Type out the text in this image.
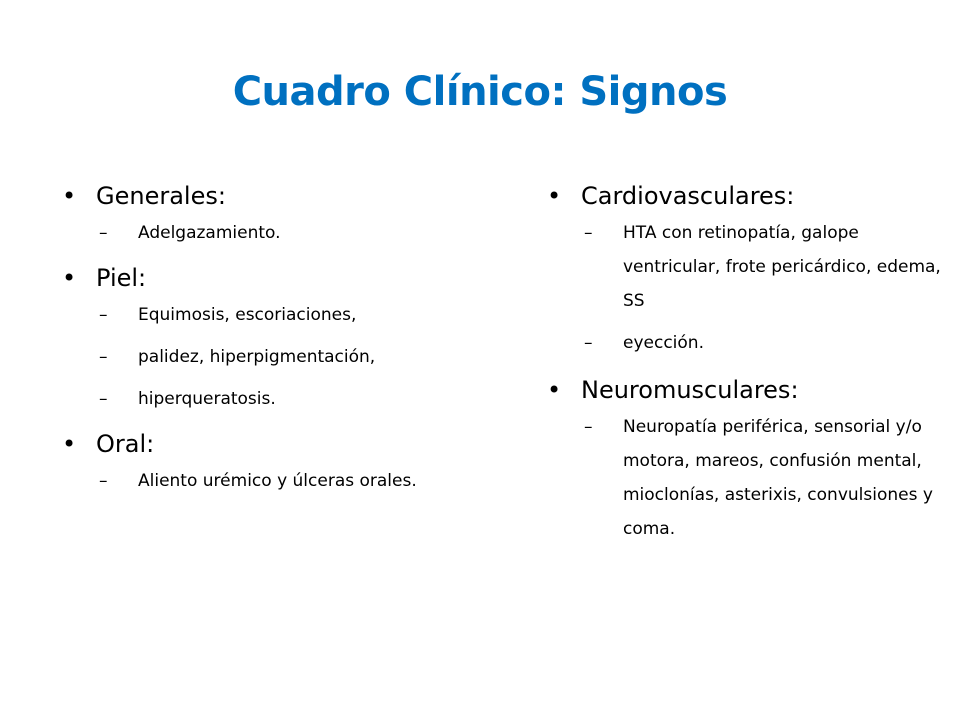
Cuadro Clínico: Signos
• Generales:
– Adelgazamiento.
• Piel:
– Equimosis, escoriaciones,
– palidez, hiperpigmentación,
– hiperqueratosis.
• Oral:
– Aliento urémico y úlceras orales.
• Cardiovasculares:
– HTA con retinopatía, galope ventricular, frote pericárdico, edema, SS
– eyección.
• Neuromusculares:
– Neuropatía periférica, sensorial y/o motora, mareos, confusión mental, mioclonías, asterixis, convulsiones y coma.
